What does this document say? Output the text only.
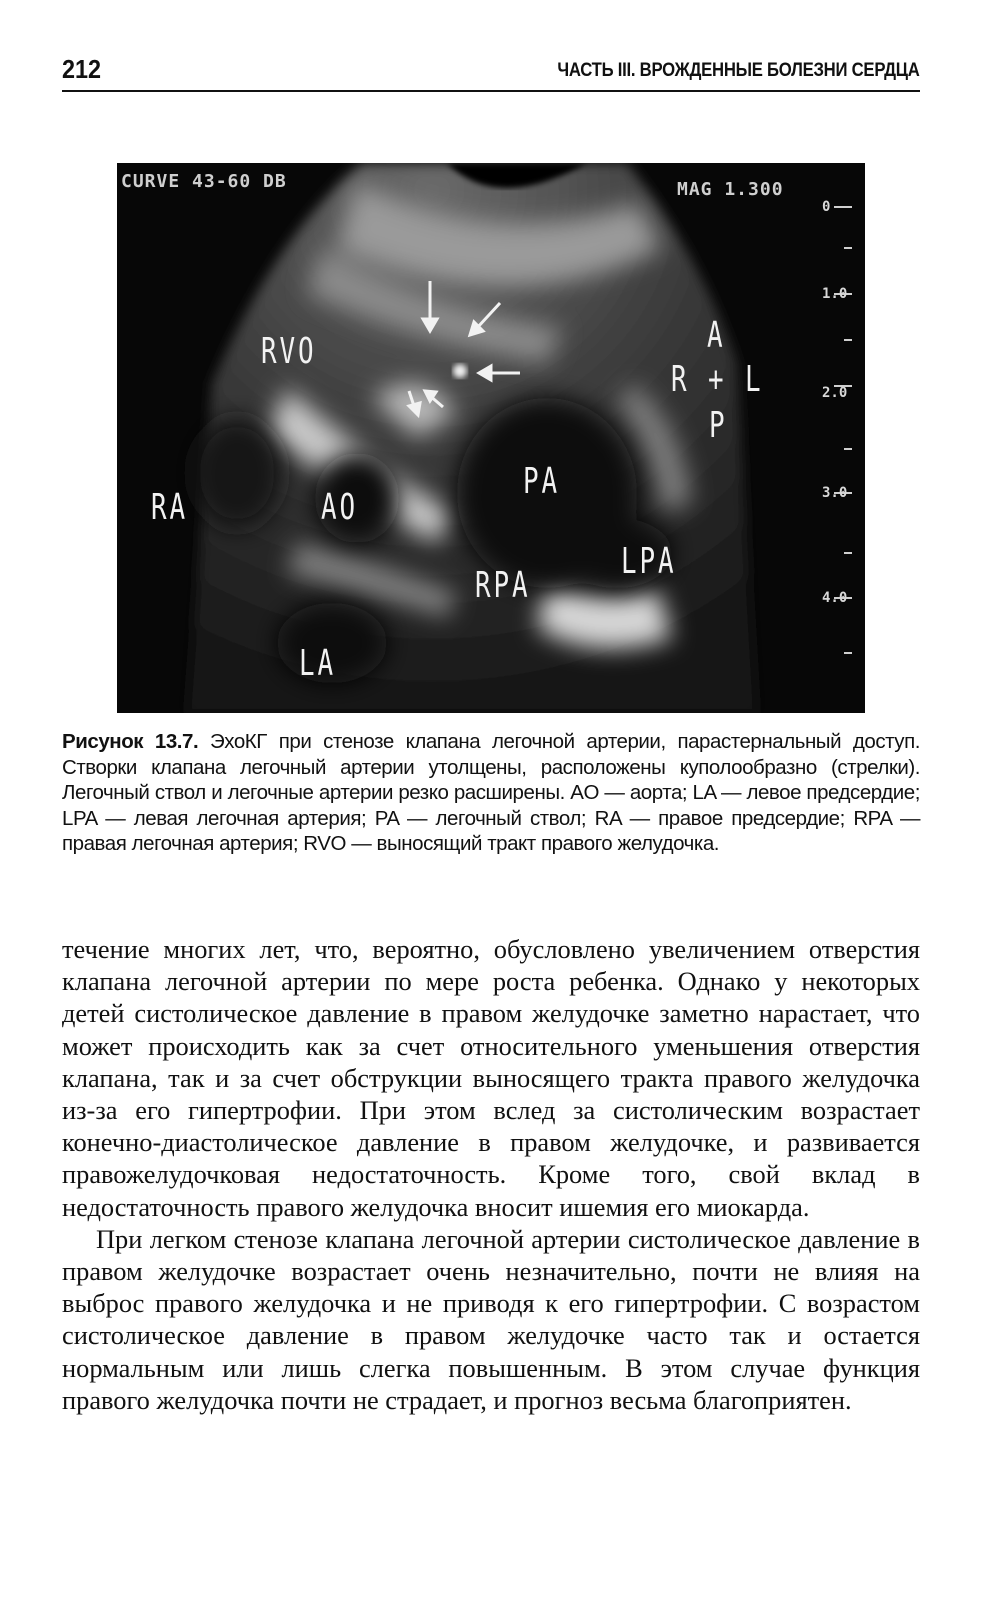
212	ЧАСТЬ III. ВРОЖДЕННЫЕ БОЛЕЗНИ СЕРДЦА
CURVE 43-60 DB	MAG 1.300
0
1.0
2.0
3.0
4.0
RVO
RA	AO
PA
RPA
LPA
LA
A
R + L
P

Рисунок 13.7. ЭхоКГ при стенозе клапана легочной артерии, парастернальный доступ. Створки клапана легочный артерии утолщены, расположены куполообразно (стрелки). Легочный ствол и легочные артерии резко расширены. AO — аорта; LA — левое предсердие; LPA — левая легочная артерия; PA — легочный ствол; RA — правое предсердие; RPA — правая легочная артерия; RVO — выносящий тракт правого желудочка.

течение многих лет, что, вероятно, обусловлено увеличением отверстия клапана легочной артерии по мере роста ребенка. Однако у некоторых детей систолическое давление в правом желудочке заметно нарастает, что может происходить как за счет относительного уменьшения отверстия клапана, так и за счет обструкции выносящего тракта правого желудочка из-за его гипертрофии. При этом вслед за систолическим возрастает конечно-диастолическое давление в правом желудочке, и развивается правожелудочковая недостаточность. Кроме того, свой вклад в недостаточность правого желудочка вносит ишемия его миокарда.

При легком стенозе клапана легочной артерии систолическое давление в правом желудочке возрастает очень незначительно, почти не влияя на выброс правого желудочка и не приводя к его гипертрофии. С возрастом систолическое давление в правом желудочке часто так и остается нормальным или лишь слегка повышенным. В этом случае функция правого желудочка почти не страдает, и прогноз весьма благоприятен.
